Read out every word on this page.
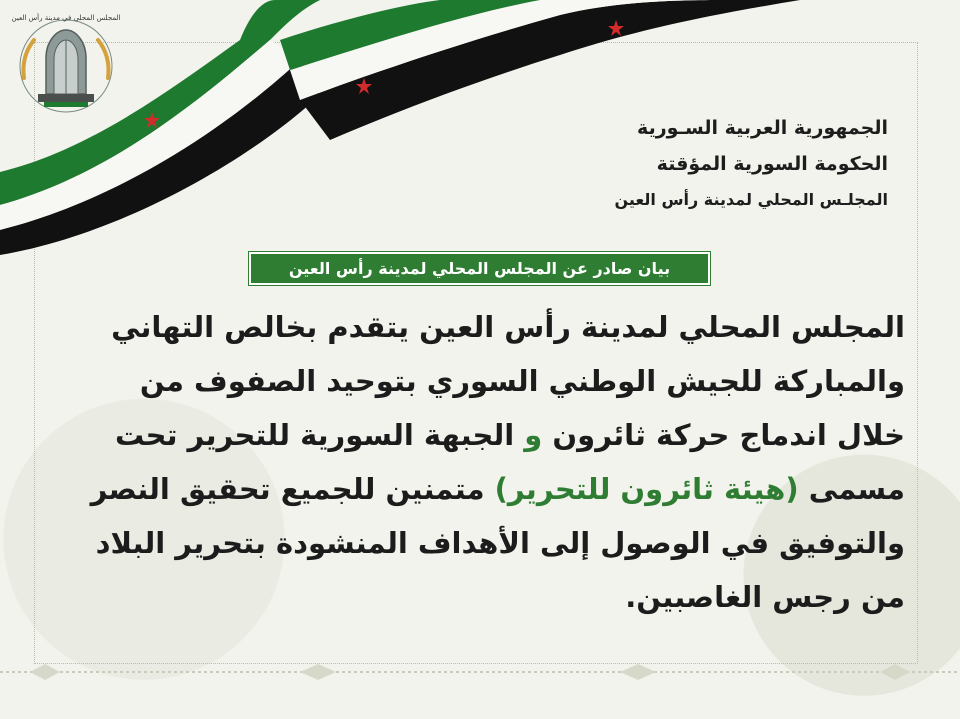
المجلس المحلي في مدينة رأس العين
الجمهورية العربية السـورية
الحكومة السورية المؤقتة
المجلـس المحلي لمدينة رأس العين
بيان صادر عن المجلس المحلي لمدينة رأس العين
المجلس المحلي لمدينة رأس العين يتقدم بخالص التهاني
والمباركة للجيش الوطني السوري بتوحيد الصفوف من
خلال اندماج حركة ثائرون و الجبهة السورية للتحرير تحت
مسمى (هيئة ثائرون للتحرير) متمنين للجميع تحقيق النصر
والتوفيق في الوصول إلى الأهداف المنشودة بتحرير البلاد
من رجس الغاصبين.
